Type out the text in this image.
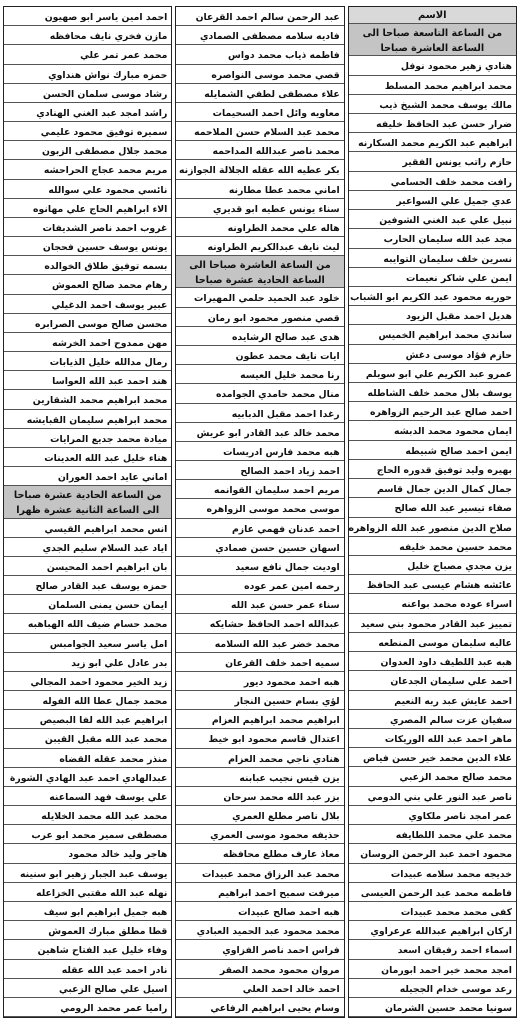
الاسم
من الساعة التاسعة صباحا الى الساعة العاشرة صباحا
هنادي زهير محمود نوفل
محمد ابراهيم محمد المسلط
مالك يوسف محمد الشيخ ذيب
ضرار حسن عبد الحافظ خليفه
ابراهيم عبد الكريم محمد السكارنه
حازم راتب يونس الفقير
رافت محمد خلف الحسامي
عدي جميل علي السواعير
نبيل علي عبد الغني الشوفين
مجد عبد الله سليمان الحارب
نسرين خلف سليمان التوايبه
ايمن علي شاكر نعيمات
حوريه محمود عبد الكريم ابو الشباب
هديل احمد مقبل الزيود
ساندي محمد ابراهيم الخميس
حازم فؤاد موسى دغش
عمرو عبد الكريم علي ابو سويلم
يوسف بلال محمد خلف الشاطله
احمد صالح عبد الرحيم الزواهره
ايمان محمود محمد الدبشه
ايمن احمد صالح شبيطه
بهيره وليد توفيق قدوره الحاج
جمال كمال الدين جمال قاسم
صفاء تيسير عبد الله صالح
صلاح الدين منصور عبد الله الزواهره
محمد حسين محمد خليفه
يزن مجدي مصباح خليل
عائشه هشام عيسى عبد الحافظ
اسراء عوده محمد بواعنه
تمييز عبد القادر محمود بني سعيد
عاليه سليمان موسى المنطعه
هبه عبد اللطيف داود العدوان
احمد علي سليمان الجدعان
احمد عايش عبد ربه النعيم
سفيان عزت سالم المصري
ماهر احمد عبد الله الوريكات
علاء الدين محمد خير حسن فياض
محمد صالح محمد الزعبي
ناصر عبد النور علي بني الدومي
عمر امجد ناصر ملكاوي
محمد علي محمد اللطايفه
محمود احمد عبد الرحمن الروسان
خديجه محمد سلامه عبيدات
فاطمه محمد عبد الرحمن العيسى
كفى محمد محمد عبيدات
اركان ابراهيم عبدالله عرعراوي
اسماء احمد رفيقان اسعد
امجد محمد خير احمد ابورمان
رعد موسى خدام الججيله
سونيا محمد حسين الشرمان
عبد الرحمن سالم احمد القرعان
فاديه سلامه مصطفى الصمادي
فاطمه ذياب محمد دواس
قصي محمد موسى النواصره
علاء مصطفى لطفي الشمايله
معاويه وائل احمد السحيمات
محمد عبد السلام حسن الملاحمه
محمد ناصر عبدالله المداحمه
بكر عطيه الله عقله الجلالة الجوازنه
اماني محمد عطا مطارنه
سناء يونس عطيه ابو قديري
هاله علي محمد الطراونه
ليث نايف عبدالكريم الطراونه
من الساعة العاشرة صباحا الى الساعة الحادية عشرة صباحا
خلود عبد الحميد حلمي المهيرات
قصي منصور محمود ابو رمان
هدى عبد صالح الرشايده
ايات نايف محمد عطون
رنا محمد خليل العيسه
منال محمد حامدي الجوامده
رغدا احمد مقبل الدبابيه
محمد خالد عبد القادر ابو عريش
هبه محمد فارس ادريسات
احمد زياد احمد الصالح
مريم احمد سليمان القوانمه
موسى محمد موسى الزواهره
احمد عدنان فهمي عازم
اسهان حسين حسن صمادي
اوديت جمال نافع سعيد
رحمه امين عمر عوده
سناء عمر حسن عبد الله
عبدالله احمد الحافظ حشايكه
محمد خضر عبد الله السلامه
سميه احمد خلف القرعان
هبه احمد محمود ديور
لؤي بسام حسين النجار
ابراهيم محمد ابراهيم العزام
اعتدال قاسم محمود ابو خيط
هنادي ناجي محمد العزام
يزن قيس نجيب عبابنه
بزر عبد الله محمد سرحان
بلال ناصر مطلع العمري
حذيفه محمود موسى العمري
معاذ عارف مطلع محافظه
محمد عبد الرزاق محمد عبيدات
ميرفت سميح احمد ابراهيم
هبه احمد صالح عبيدات
محمد محمود عبد الحميد العبادي
فراس احمد ناصر الفزاوي
مروان محمود محمد الصقر
احمد خالد احمد العلي
وسام يحيى ابراهيم الرفاعي
احمد امين ياسر ابو صهيون
مازن فخري نايف محافظه
محمد عمر تمر علي
حمزه مبارك نواش هنداوي
رشاد موسى سلمان الحسن
راشد امجد عبد الغني الهنادي
سميره توفيق محمود عليمي
محمد جلال مصطفى الزبون
مريم محمد عجاج الحراحشه
نائسي محمود علي سوالله
الاء ابراهيم الحاج علي مهانوه
غروب احمد ناصر الشديفات
يونس يوسف حسين فحجان
بسمه توفيق طلاق الخوالده
رهام محمد صالح العموش
عبير يوسف احمد الدغيلي
محسن صالح موسى الصرابره
مهن ممدوح احمد الخرشه
رمال مدالله خليل الذيابات
هند احمد عبد الله العواسا
محمد ابراهيم محمد الشقارين
محمد ابراهيم سليمان القبايشه
ميادة محمد جديع المرايات
هناء خليل عبد الله العدينات
اماني عايد احمد العوران
من الساعة الحادية عشرة صباحا الى الساعة الثانية عشرة ظهرا
انس محمد ابراهيم القيسي
اياد عبد السلام سليم الجدي
بان ابراهيم احمد المحيسن
حمزه يوسف عبد القادر صالح
ايمان حسن يمنى السلمان
محمد حسام ضيف الله الهباهبه
امل ياسر سعيد الجوامبس
بدر عادل علي ابو زيد
زيد الخير محمود احمد المجالي
محمد جمال عطا الله الفوله
ابراهيم عبد الله لفا البصيص
محمد عبد الله مقبل القيبن
منذر محمد عقله القضاه
عبدالهادي احمد عبد الهادي الشورة
علي يوسف فهد السماعنه
محمد عبد الله محمد الخلايله
مصطفى سمير محمد ابو عرب
هاجر وليد خالد محمود
يوسف عبد الجبار زهير ابو سنينه
نهله عبد الله مقتبي الخزاعله
هبه جميل ابراهيم ابو سيف
قطا مطلق مبارك العموش
وفاء خليل عبد الفتاح شاهين
نادر احمد عبد الله عقله
اسيل علي صالح الزعبي
راميا عمر محمد الرومي
